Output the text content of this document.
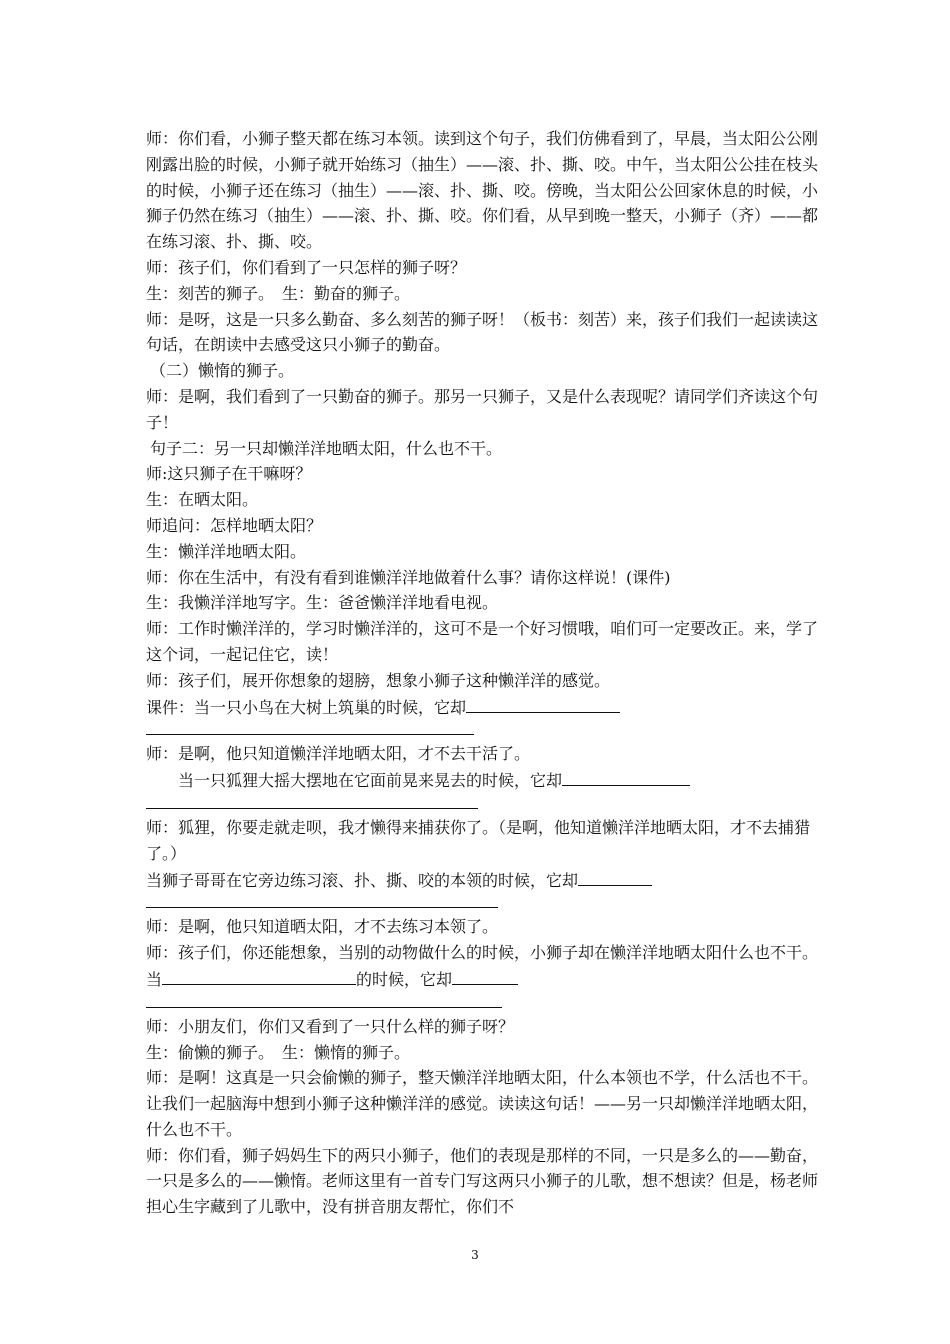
师：你们看，小狮子整天都在练习本领。读到这个句子，我们仿佛看到了，早晨，当太阳公公刚刚露出脸的时候，小狮子就开始练习（抽生）——滚、扑、撕、咬。中午，当太阳公公挂在枝头的时候，小狮子还在练习（抽生）——滚、扑、撕、咬。傍晚，当太阳公公回家休息的时候，小狮子仍然在练习（抽生）——滚、扑、撕、咬。你们看，从早到晚一整天，小狮子（齐）——都在练习滚、扑、撕、咬。

师：孩子们，你们看到了一只怎样的狮子呀？

生：刻苦的狮子。　生：勤奋的狮子。

师：是呀，这是一只多么勤奋、多么刻苦的狮子呀！（板书：刻苦）来，孩子们我们一起读读这句话，在朗读中去感受这只小狮子的勤奋。

（二）懒惰的狮子。

师：是啊，我们看到了一只勤奋的狮子。那另一只狮子，又是什么表现呢？请同学们齐读这个句子！

句子二：另一只却懒洋洋地晒太阳，什么也不干。

师:这只狮子在干嘛呀？

生：在晒太阳。

师追问：怎样地晒太阳？

生：懒洋洋地晒太阳。

师：你在生活中，有没有看到谁懒洋洋地做着什么事？请你这样说！(课件)

生：我懒洋洋地写字。生：爸爸懒洋洋地看电视。

师：工作时懒洋洋的，学习时懒洋洋的，这可不是一个好习惯哦，咱们可一定要改正。来，学了这个词，一起记住它，读！

师：孩子们，展开你想象的翅膀，想象小狮子这种懒洋洋的感觉。

课件：当一只小鸟在大树上筑巢的时候，它却

师：是啊，他只知道懒洋洋地晒太阳，才不去干活了。

当一只狐狸大摇大摆地在它面前晃来晃去的时候，它却

师：狐狸，你要走就走呗，我才懒得来捕获你了。（是啊，他知道懒洋洋地晒太阳，才不去捕猎了。）

当狮子哥哥在它旁边练习滚、扑、撕、咬的本领的时候，它却

师：是啊，他只知道晒太阳，才不去练习本领了。

师：孩子们，你还能想象，当别的动物做什么的时候，小狮子却在懒洋洋地晒太阳什么也不干。

当	的时候，它却

师：小朋友们，你们又看到了一只什么样的狮子呀？

生：偷懒的狮子。　生：懒惰的狮子。

师：是啊！这真是一只会偷懒的狮子，整天懒洋洋地晒太阳，什么本领也不学，什么活也不干。让我们一起脑海中想到小狮子这种懒洋洋的感觉。读读这句话！——另一只却懒洋洋地晒太阳，什么也不干。

师：你们看，狮子妈妈生下的两只小狮子，他们的表现是那样的不同，一只是多么的——勤奋，一只是多么的——懒惰。老师这里有一首专门写这两只小狮子的儿歌，想不想读？但是，杨老师担心生字藏到了儿歌中，没有拼音朋友帮忙，你们不

3
